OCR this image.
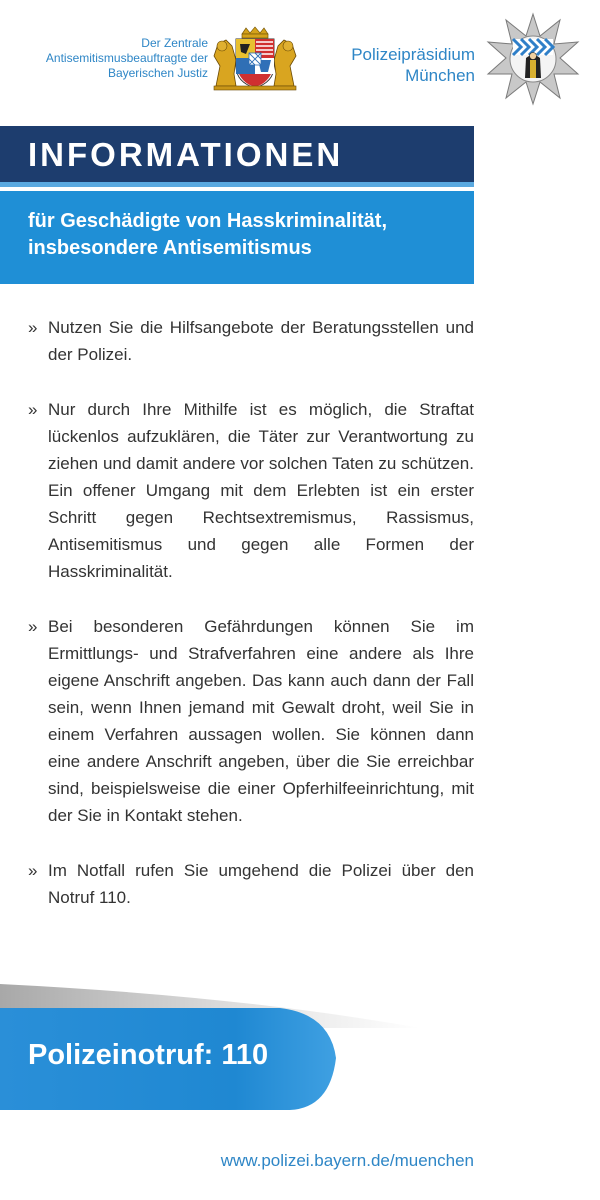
Der Zentrale
Antisemitismusbeauftragte der
Bayerischen Justiz
Polizeipräsidium
München
INFORMATIONEN
für Geschädigte von Hasskriminalität,
insbesondere Antisemitismus
» Nutzen Sie die Hilfsangebote der Beratungsstellen und der Polizei.
» Nur durch Ihre Mithilfe ist es möglich, die Straftat lückenlos aufzuklären, die Täter zur Verantwortung zu ziehen und damit andere vor solchen Taten zu schützen. Ein offener Umgang mit dem Erlebten ist ein erster Schritt gegen Rechtsextremismus, Rassismus, Antisemitismus und gegen alle Formen der Hasskriminalität.
» Bei besonderen Gefährdungen können Sie im Ermittlungs- und Strafverfahren eine andere als Ihre eigene Anschrift angeben. Das kann auch dann der Fall sein, wenn Ihnen jemand mit Gewalt droht, weil Sie in einem Verfahren aussagen wollen. Sie können dann eine andere Anschrift angeben, über die Sie erreichbar sind, beispielsweise die einer Opferhilfeeinrichtung, mit der Sie in Kontakt stehen.
» Im Notfall rufen Sie umgehend die Polizei über den Notruf 110.
Polizeinotruf: 110
www.polizei.bayern.de/muenchen
